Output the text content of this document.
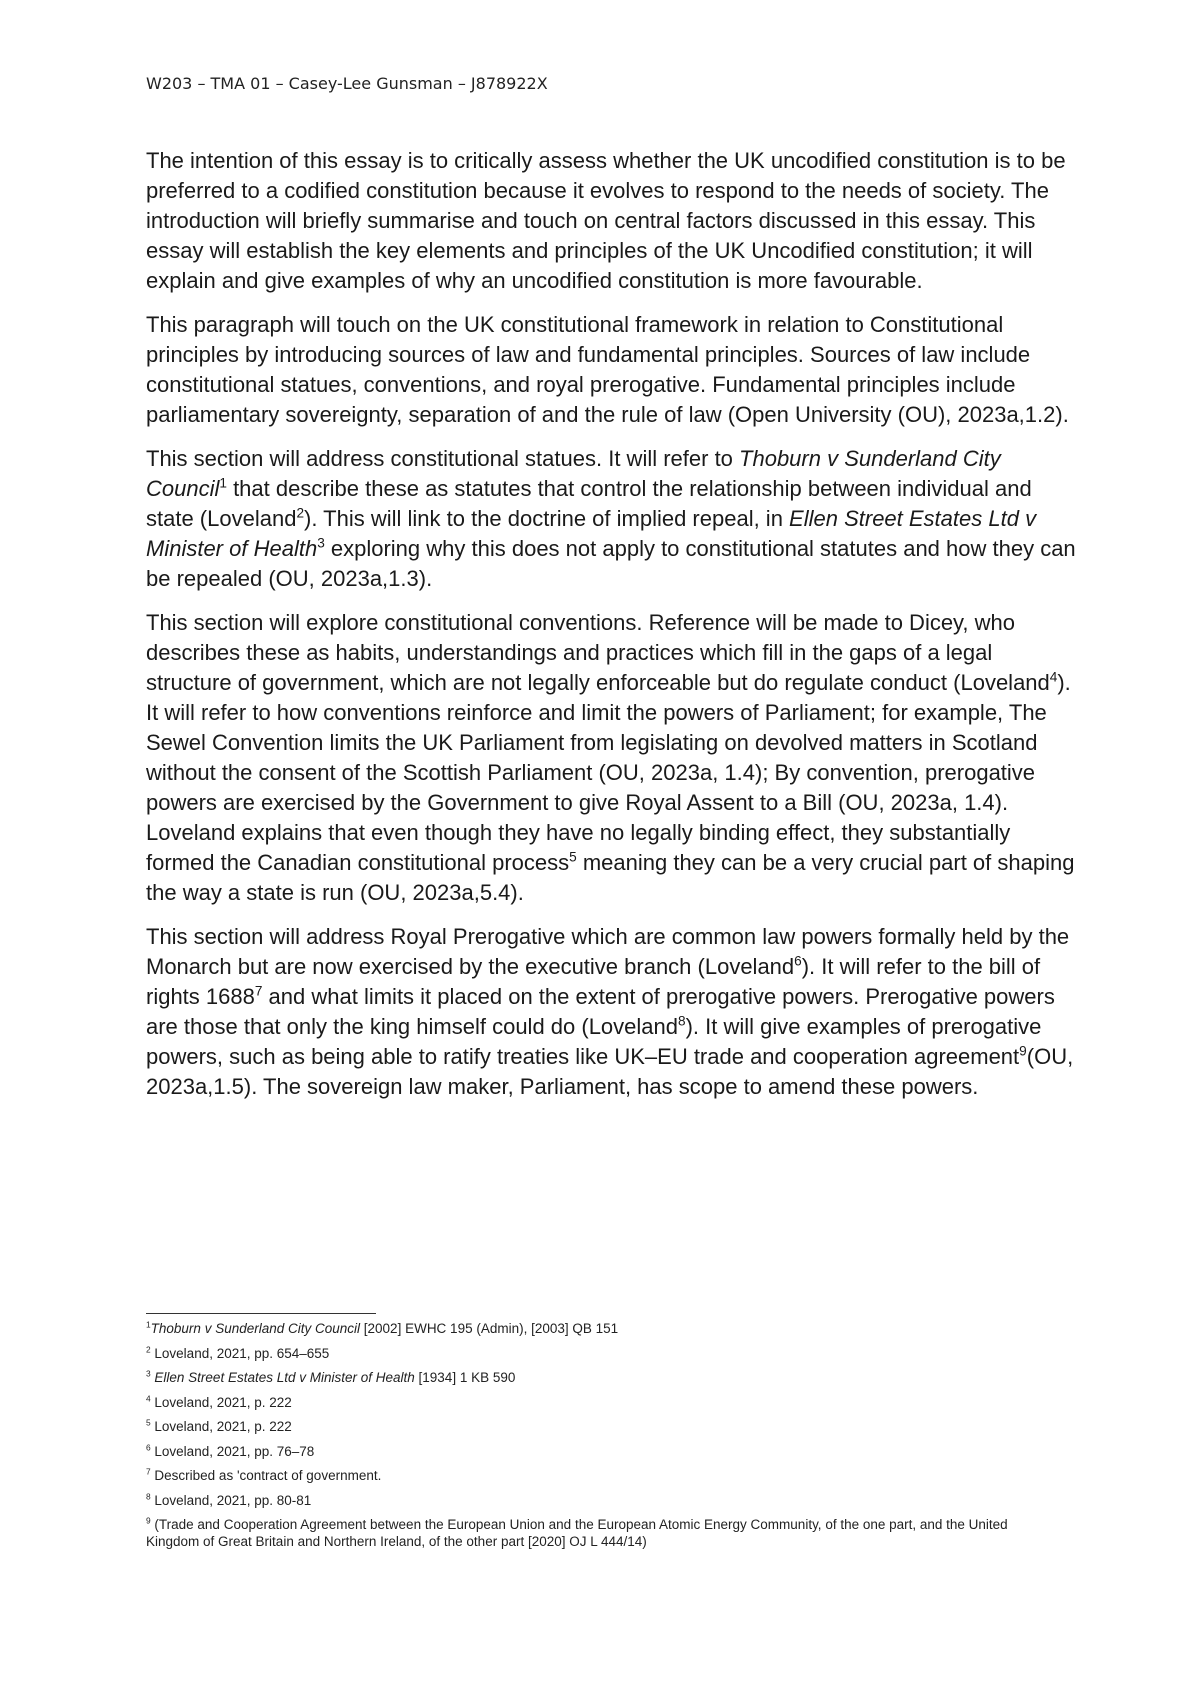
W203 – TMA 01 – Casey-Lee Gunsman – J878922X

The intention of this essay is to critically assess whether the UK uncodified constitution is to be preferred to a codified constitution because it evolves to respond to the needs of society. The introduction will briefly summarise and touch on central factors discussed in this essay. This essay will establish the key elements and principles of the UK Uncodified constitution; it will explain and give examples of why an uncodified constitution is more favourable.

This paragraph will touch on the UK constitutional framework in relation to Constitutional principles by introducing sources of law and fundamental principles. Sources of law include constitutional statues, conventions, and royal prerogative. Fundamental principles include parliamentary sovereignty, separation of and the rule of law (Open University (OU), 2023a,1.2).

This section will address constitutional statues. It will refer to Thoburn v Sunderland City Council$^1$ that describe these as statutes that control the relationship between individual and state (Loveland$^2$). This will link to the doctrine of implied repeal, in Ellen Street Estates Ltd v Minister of Health$^3$ exploring why this does not apply to constitutional statutes and how they can be repealed (OU, 2023a,1.3).

This section will explore constitutional conventions. Reference will be made to Dicey, who describes these as habits, understandings and practices which fill in the gaps of a legal structure of government, which are not legally enforceable but do regulate conduct (Loveland$^4$). It will refer to how conventions reinforce and limit the powers of Parliament; for example, The Sewel Convention limits the UK Parliament from legislating on devolved matters in Scotland without the consent of the Scottish Parliament (OU, 2023a, 1.4); By convention, prerogative powers are exercised by the Government to give Royal Assent to a Bill (OU, 2023a, 1.4). Loveland explains that even though they have no legally binding effect, they substantially formed the Canadian constitutional process$^5$ meaning they can be a very crucial part of shaping the way a state is run (OU, 2023a,5.4).

This section will address Royal Prerogative which are common law powers formally held by the Monarch but are now exercised by the executive branch (Loveland$^6$). It will refer to the bill of rights 1688$^7$ and what limits it placed on the extent of prerogative powers. Prerogative powers are those that only the king himself could do (Loveland$^8$). It will give examples of prerogative powers, such as being able to ratify treaties like UK–EU trade and cooperation agreement$^9$(OU, 2023a,1.5). The sovereign law maker, Parliament, has scope to amend these powers.

$^1$Thoburn v Sunderland City Council [2002] EWHC 195 (Admin), [2003] QB 151
$^2$ Loveland, 2021, pp. 654–655
$^3$ Ellen Street Estates Ltd v Minister of Health [1934] 1 KB 590
$^4$ Loveland, 2021, p. 222
$^5$ Loveland, 2021, p. 222
$^6$ Loveland, 2021, pp. 76–78
$^7$ Described as 'contract of government.
$^8$ Loveland, 2021, pp. 80-81
$^9$ (Trade and Cooperation Agreement between the European Union and the European Atomic Energy Community, of the one part, and the United Kingdom of Great Britain and Northern Ireland, of the other part [2020] OJ L 444/14)
